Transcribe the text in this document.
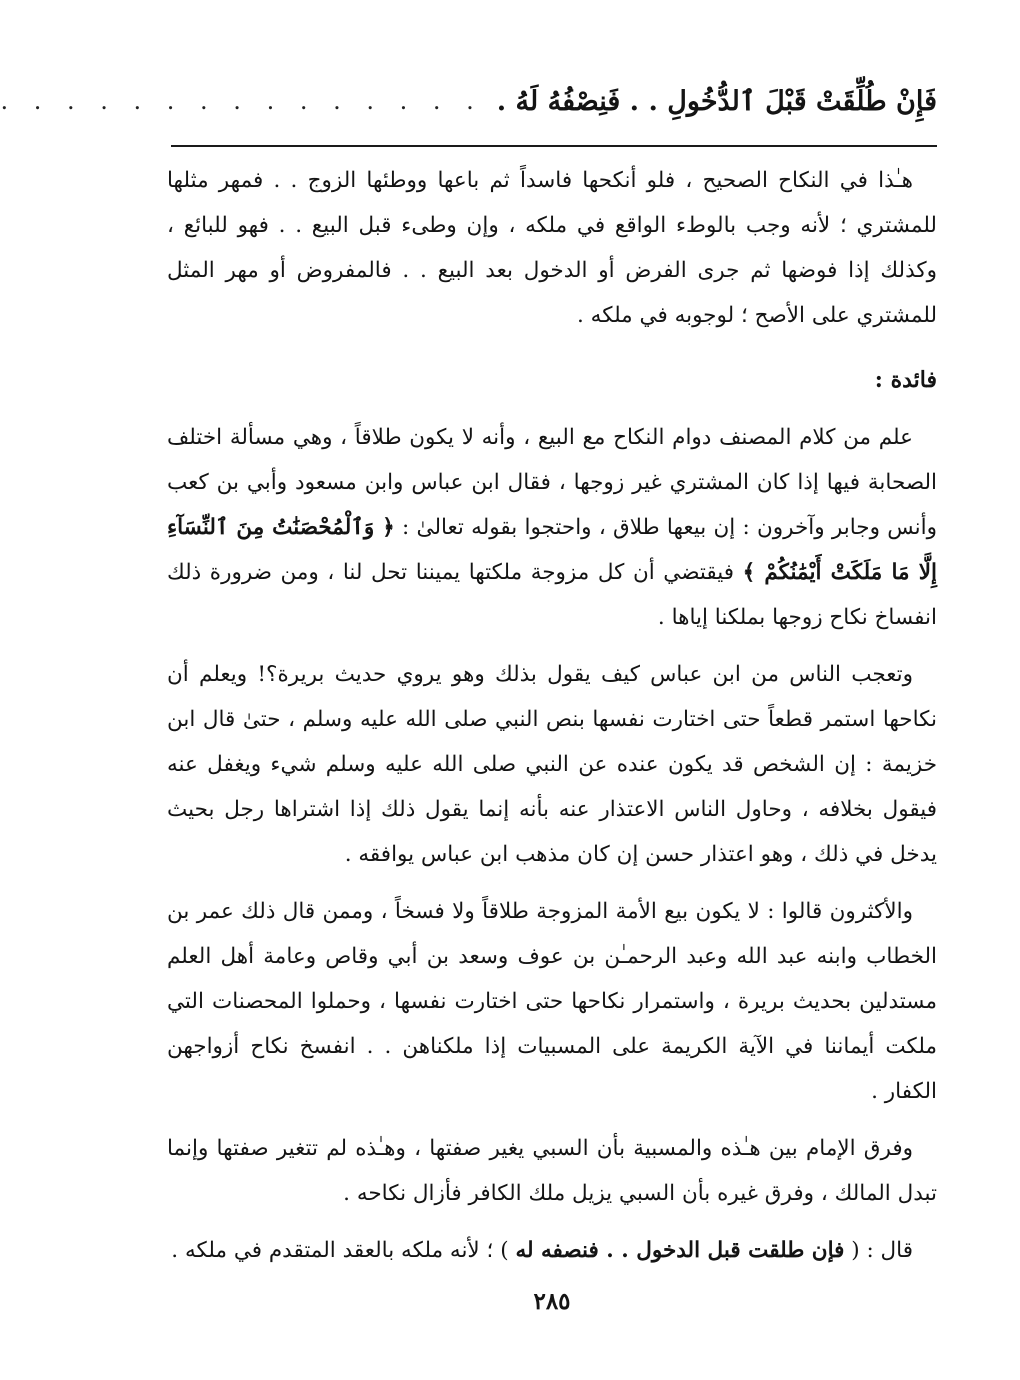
فَإِنْ طُلِّقَتْ قَبْلَ ٱلدُّخُولِ . . فَنِصْفُهُ لَهُ .
. . . . . . . . . . . . . . .

هـٰذا في النكاح الصحيح ، فلو أنكحها فاسداً ثم باعها ووطئها الزوج . . فمهر مثلها للمشتري ؛ لأنه وجب بالوطء الواقع في ملكه ، وإن وطىء قبل البيع . . فهو للبائع ، وكذلك إذا فوضها ثم جرى الفرض أو الدخول بعد البيع . . فالمفروض أو مهر المثل للمشتري على الأصح ؛ لوجوبه في ملكه .

فائدة :

علم من كلام المصنف دوام النكاح مع البيع ، وأنه لا يكون طلاقاً ، وهي مسألة اختلف الصحابة فيها إذا كان المشتري غير زوجها ، فقال ابن عباس وابن مسعود وأبي بن كعب وأنس وجابر وآخرون : إن بيعها طلاق ، واحتجوا بقوله تعالىٰ : ﴿ وَٱلْمُحْصَنَٰتُ مِنَ ٱلنِّسَآءِ إِلَّا مَا مَلَكَتْ أَيْمَٰنُكُمْ ﴾ فيقتضي أن كل مزوجة ملكتها يميننا تحل لنا ، ومن ضرورة ذلك انفساخ نكاح زوجها بملكنا إياها .

وتعجب الناس من ابن عباس كيف يقول بذلك وهو يروي حديث بريرة؟! ويعلم أن نكاحها استمر قطعاً حتى اختارت نفسها بنص النبي صلى الله عليه وسلم ، حتىٰ قال ابن خزيمة : إن الشخص قد يكون عنده عن النبي صلى الله عليه وسلم شيء ويغفل عنه فيقول بخلافه ، وحاول الناس الاعتذار عنه بأنه إنما يقول ذلك إذا اشتراها رجل بحيث يدخل في ذلك ، وهو اعتذار حسن إن كان مذهب ابن عباس يوافقه .

والأكثرون قالوا : لا يكون بيع الأمة المزوجة طلاقاً ولا فسخاً ، وممن قال ذلك عمر بن الخطاب وابنه عبد الله وعبد الرحمـٰن بن عوف وسعد بن أبي وقاص وعامة أهل العلم مستدلين بحديث بريرة ، واستمرار نكاحها حتى اختارت نفسها ، وحملوا المحصنات التي ملكت أيماننا في الآية الكريمة على المسبيات إذا ملكناهن . . انفسخ نكاح أزواجهن الكفار .

وفرق الإمام بين هـٰذه والمسبية بأن السبي يغير صفتها ، وهـٰذه لم تتغير صفتها وإنما تبدل المالك ، وفرق غيره بأن السبي يزيل ملك الكافر فأزال نكاحه .

قال : ( فإن طلقت قبل الدخول . . فنصفه له ) ؛ لأنه ملكه بالعقد المتقدم في ملكه .

٢٨٥
